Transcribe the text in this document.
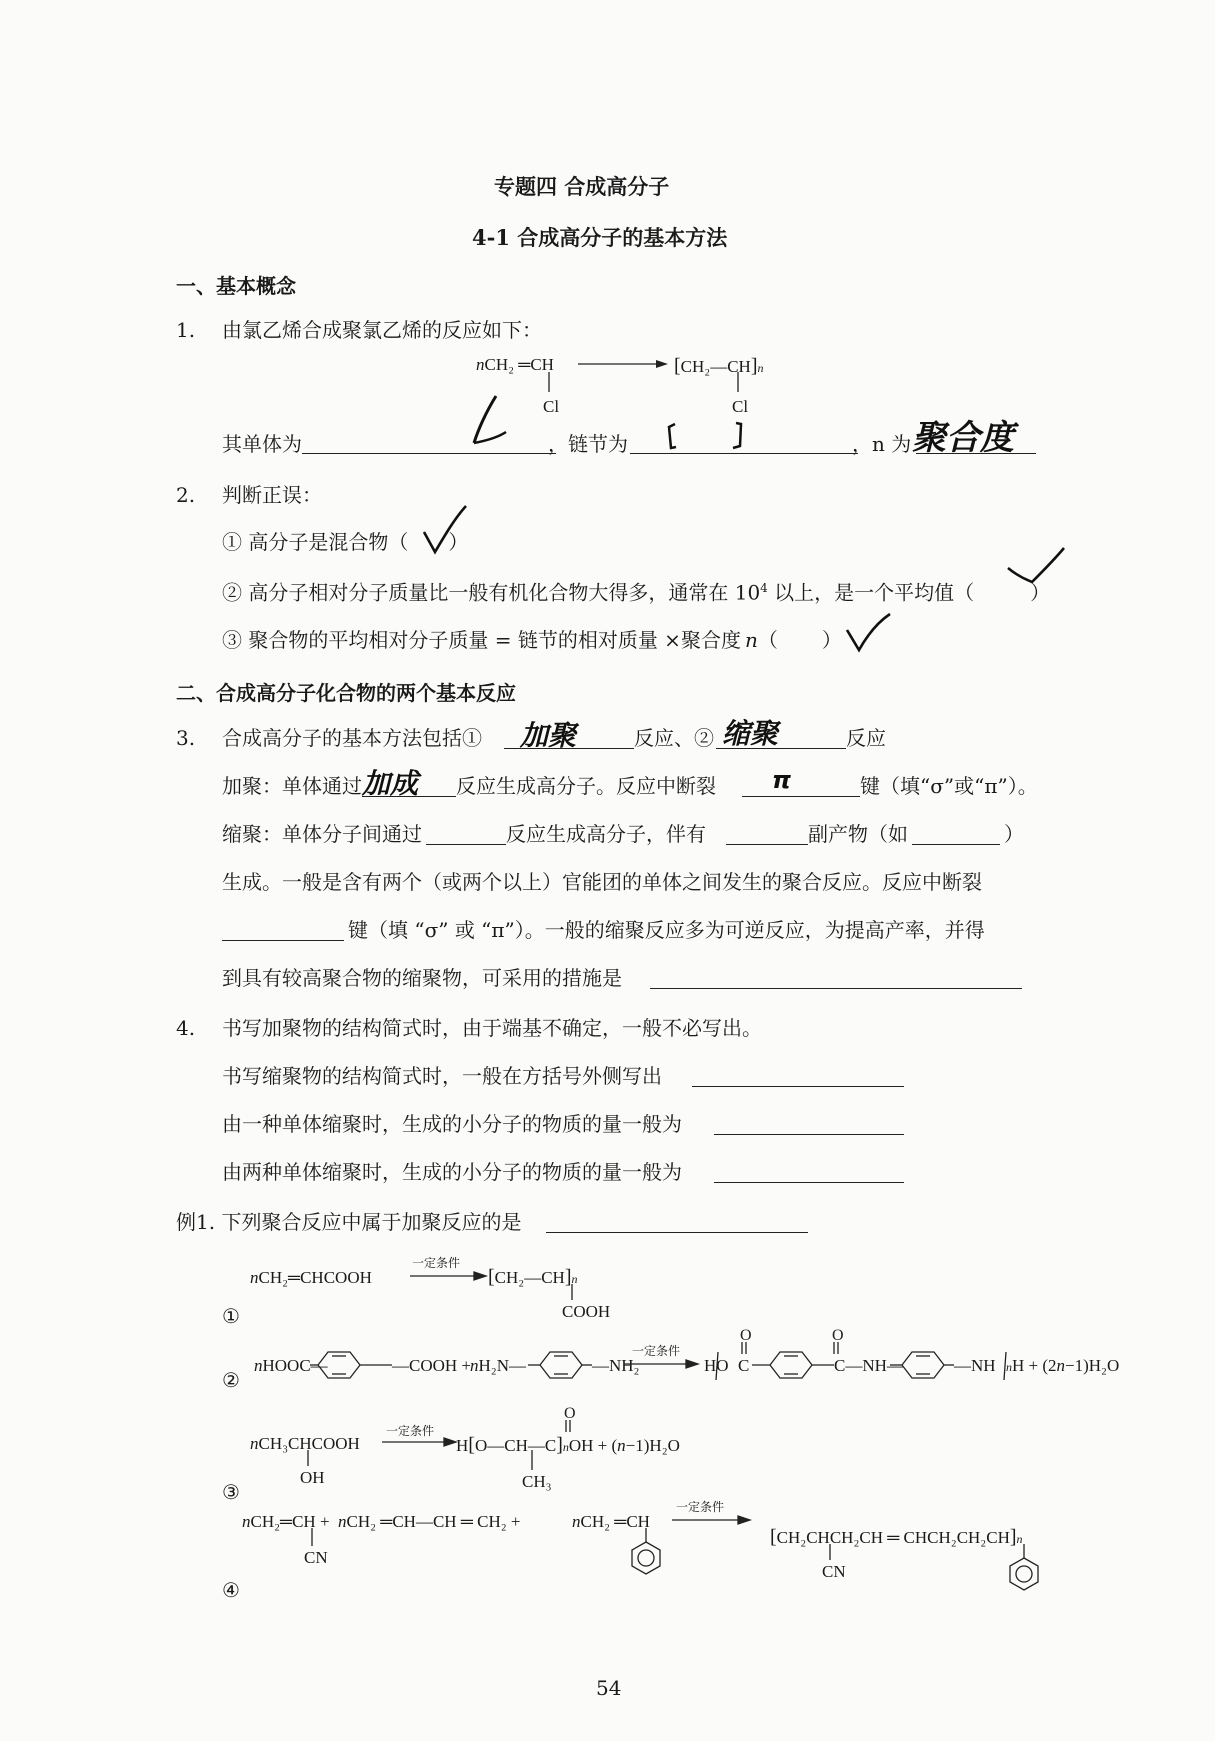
专题四 合成高分子
4-1 合成高分子的基本方法
一、基本概念
1. 由氯乙烯合成聚氯乙烯的反应如下：
nCH₂ ═CH	[CH₂—CH]n
Cl	Cl
其单体为	，链节为	，n 为 聚合度
2. 判断正误：
① 高分子是混合物（ ）
② 高分子相对分子质量比一般有机化合物大得多，通常在 $10^4$ 以上，是一个平均值（	）
③ 聚合物的平均相对分子质量 = 链节的相对质量 ×聚合度 n（ ）
二、合成高分子化合物的两个基本反应
3. 合成高分子的基本方法包括① 加聚	反应、② 缩聚	反应
加聚：单体通过 加成 反应生成高分子。反应中断裂 π	键（填“σ”或“π”）。
缩聚：单体分子间通过	反应生成高分子，伴有	副产物（如	）
生成。一般是含有两个（或两个以上）官能团的单体之间发生的聚合反应。反应中断裂
键（填 “σ” 或 “π”）。一般的缩聚反应多为可逆反应，为提高产率，并得
到具有较高聚合物的缩聚物，可采用的措施是
4. 书写加聚物的结构简式时，由于端基不确定，一般不必写出。
书写缩聚物的结构简式时，一般在方括号外侧写出
由一种单体缩聚时，生成的小分子的物质的量一般为
由两种单体缩聚时，生成的小分子的物质的量一般为
例1. 下列聚合反应中属于加聚反应的是
nCH₂═CHCOOH
一定条件
[CH₂—CH]n
COOH
①
nHOOC—	—COOH +
nH₂N—	—NH₂
一定条件
HO C	C—NH—	—NH nH + (2n−1)H₂O
②
nCH₃CHCOOH
OH
一定条件
H[O—CH—C]nOH + (n−1)H₂O
CH₃
③
nCH₂═CH + nCH₂ ═CH—CH ═ CH₂ +	nCH₂ ═CH
CN
一定条件
[CH₂CHCH₂CH ═ CHCH₂CH₂CH]n
CN
④
O	O
O
54
